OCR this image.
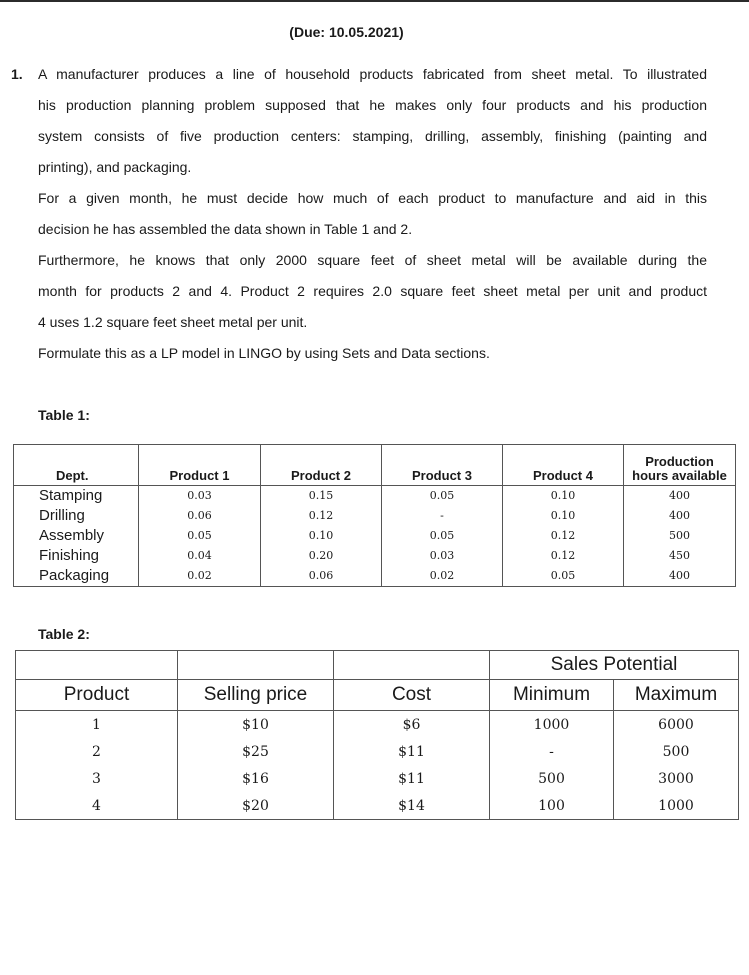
(Due: 10.05.2021)
1. A manufacturer produces a line of household products fabricated from sheet metal. To illustrated
his production planning problem supposed that he makes only four products and his production
system consists of five production centers: stamping, drilling, assembly, finishing (painting and
printing), and packaging.
For a given month, he must decide how much of each product to manufacture and aid in this
decision he has assembled the data shown in Table 1 and 2.
Furthermore, he knows that only 2000 square feet of sheet metal will be available during the
month for products 2 and 4. Product 2 requires 2.0 square feet sheet metal per unit and product
4 uses 1.2 square feet sheet metal per unit.
Formulate this as a LP model in LINGO by using Sets and Data sections.
Table 1:
Dept.	Product 1	Product 2	Product 3	Product 4	Production
hours available
Stamping	0.03	0.15	0.05	0.10	400
Drilling	0.06	0.12	-	0.10	400
Assembly	0.05	0.10	0.05	0.12	500
Finishing	0.04	0.20	0.03	0.12	450
Packaging	0.02	0.06	0.02	0.05	400
Table 2:
			Sales Potential	
Product	Selling price	Cost	Minimum	Maximum
1	$10	$6	1000	6000
2	$25	$11	-	500
3	$16	$11	500	3000
4	$20	$14	100	1000
